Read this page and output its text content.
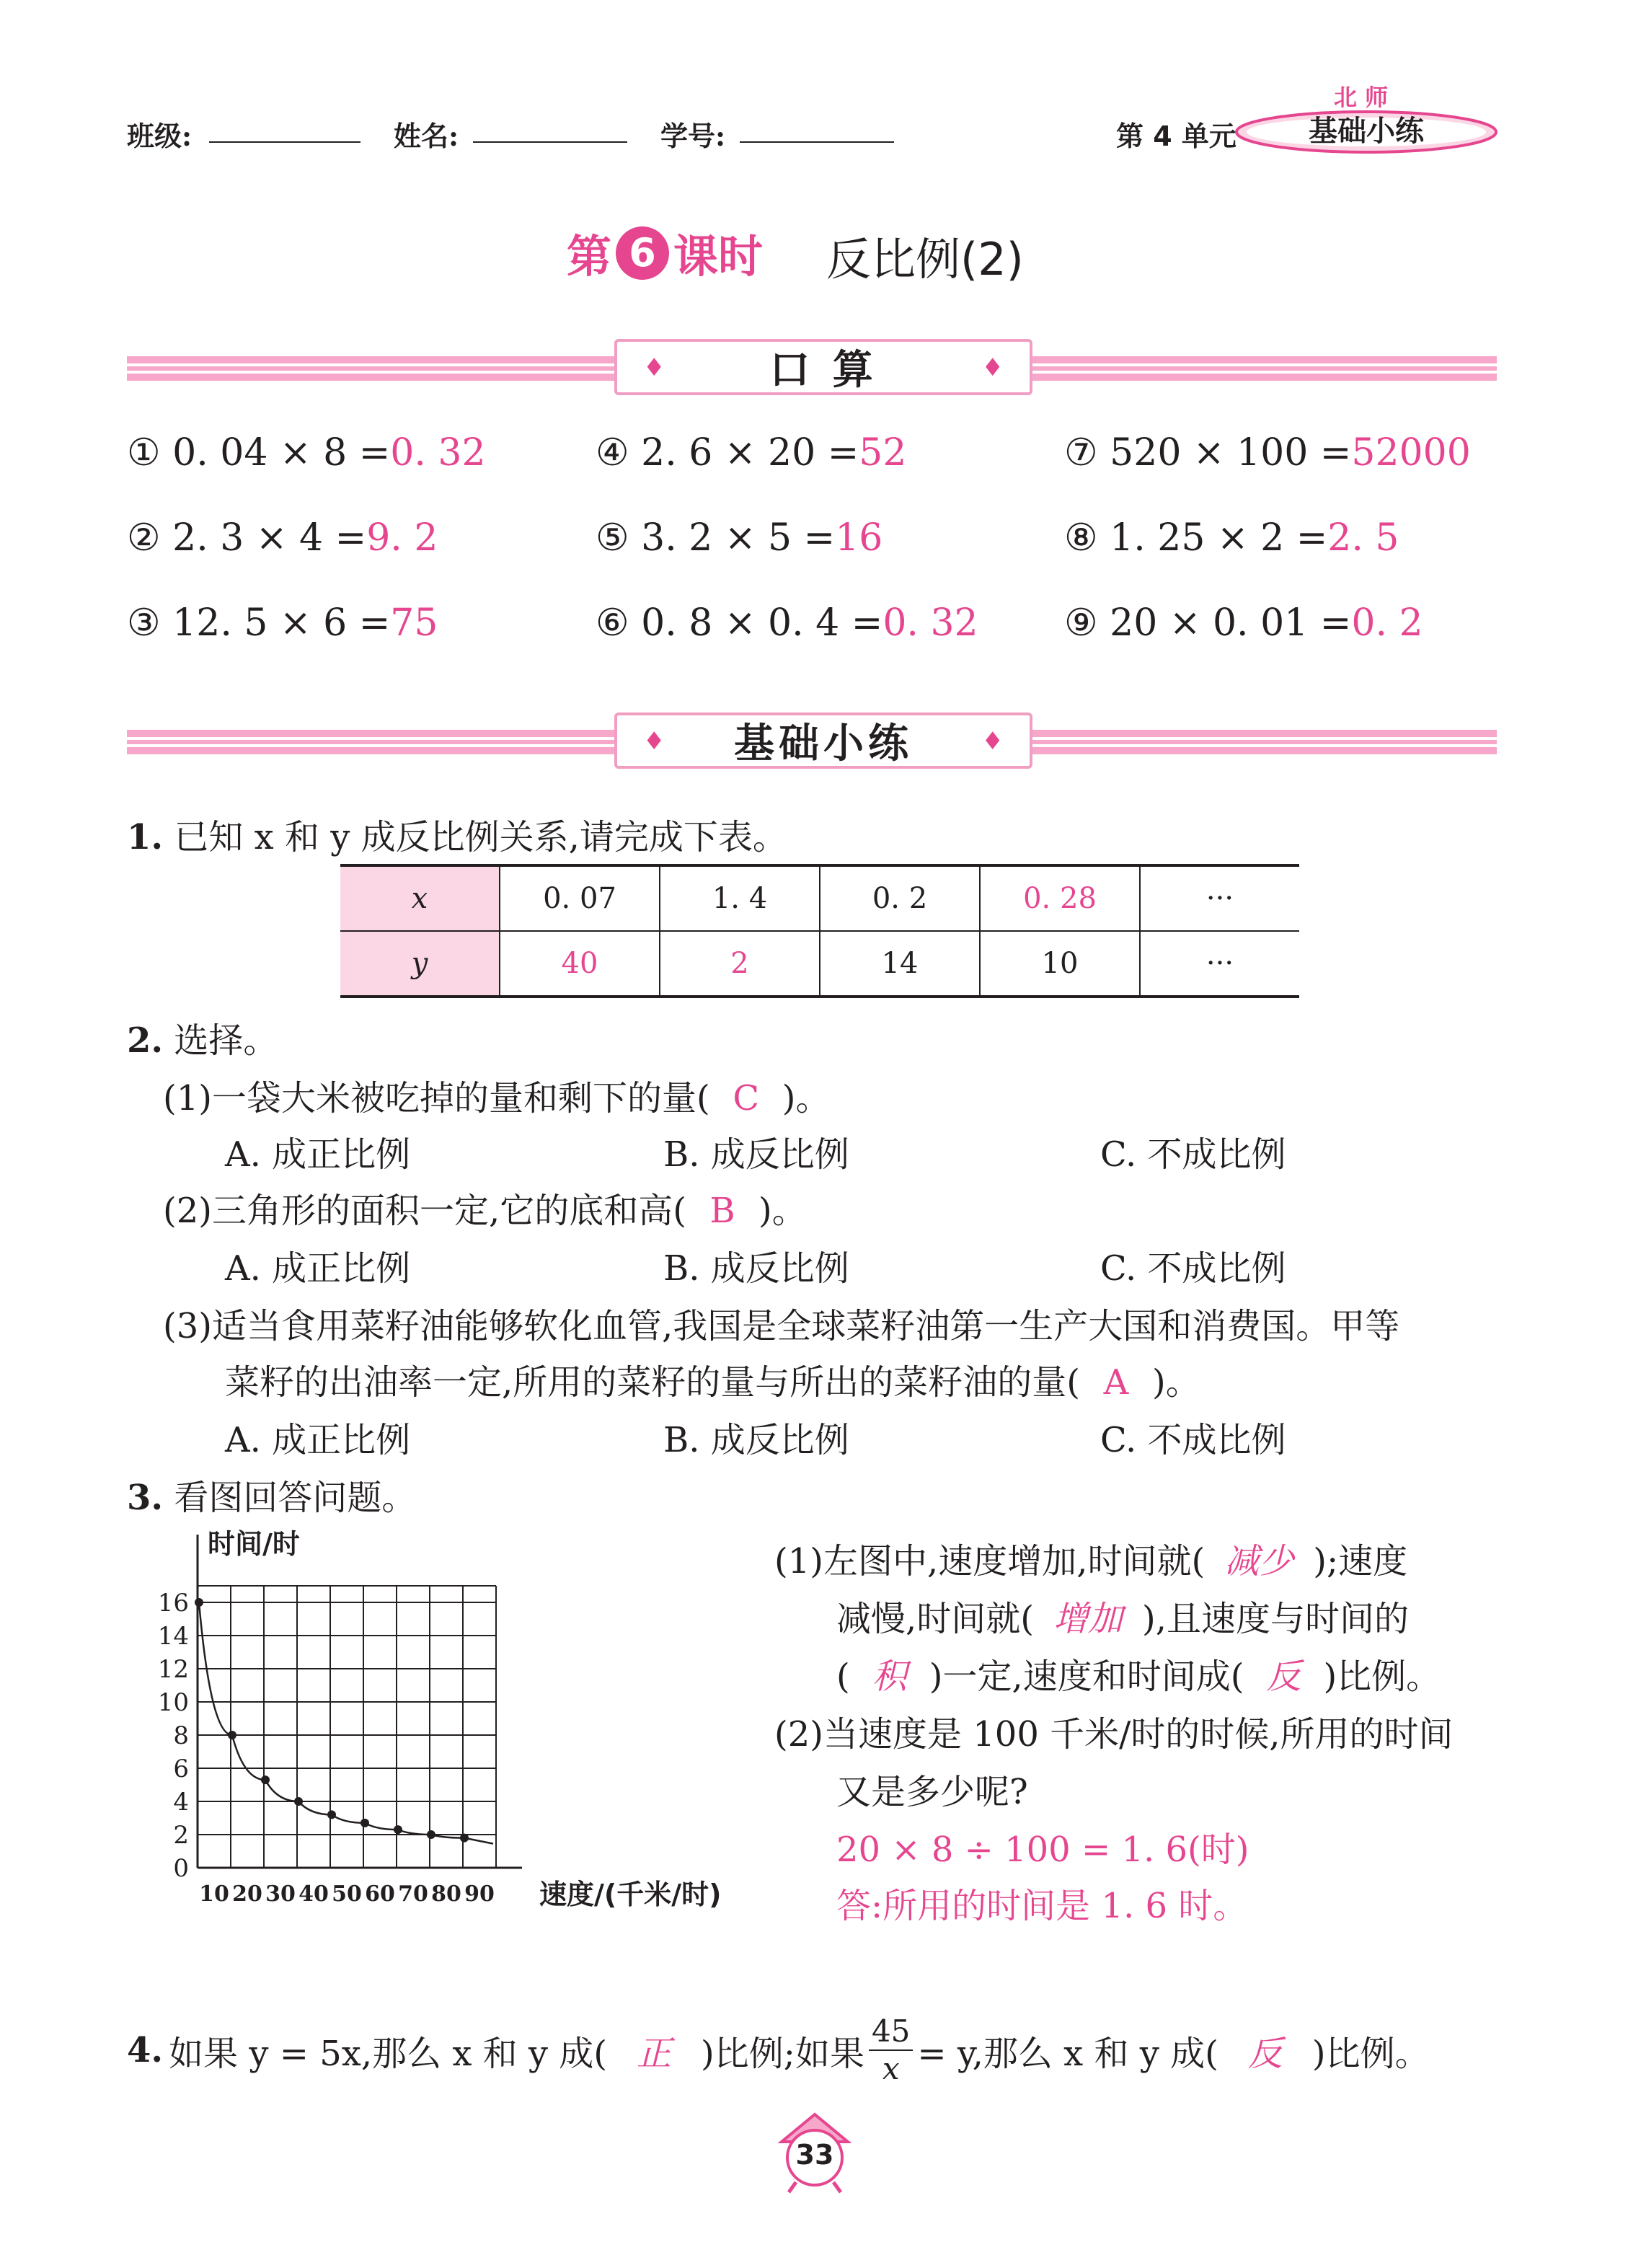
班级:	姓名:	学号:	第 4 单元
北 师
基础小练
第 6 课时 反比例(2)
♦	口 算	♦
① 0. 04 × 8 =0. 32	④ 2. 6 × 20 =52	⑦ 520 × 100 =52000
② 2. 3 × 4 =9. 2	⑤ 3. 2 × 5 =16	⑧ 1. 25 × 2 =2. 5
③ 12. 5 × 6 =75	⑥ 0. 8 × 0. 4 =0. 32 ⑨ 20 × 0. 01 =0. 2
♦ 基础小练	♦
1. 已知 x 和 y 成反比例关系,请完成下表。
x	0. 07	1. 4	0. 2	0. 28	···
y	40	2	14	10	···
2. 选择。
(1)一袋大米被吃掉的量和剩下的量( C )。
A. 成正比例	B. 成反比例	C. 不成比例
(2)三角形的面积一定,它的底和高( B )。
A. 成正比例	B. 成反比例	C. 不成比例
(3)适当食用菜籽油能够软化血管,我国是全球菜籽油第一生产大国和消费国。甲等
菜籽的出油率一定,所用的菜籽的量与所出的菜籽油的量( A )。
A. 成正比例	B. 成反比例	C. 不成比例
3. 看图回答问题。
0
2
4
6
8
10
12
14
16
10 20 30 40 50 60 70 80 90
时间/时
速度/(千米/时)
(1)左图中,速度增加,时间就( 减少 );速度
减慢,时间就( 增加 ),且速度与时间的
( 积 )一定,速度和时间成( 反 )比例。
(2)当速度是 100 千米/时的时候,所用的时间
又是多少呢?
20 × 8 ÷ 100 = 1. 6(时)
答:所用的时间是 1. 6 时。
4. 如果 y = 5x,那么 x 和 y 成( 正 )比例;如果 $\frac{45}{x} = y$,那么 x 和 y 成( 反 )比例。
33
